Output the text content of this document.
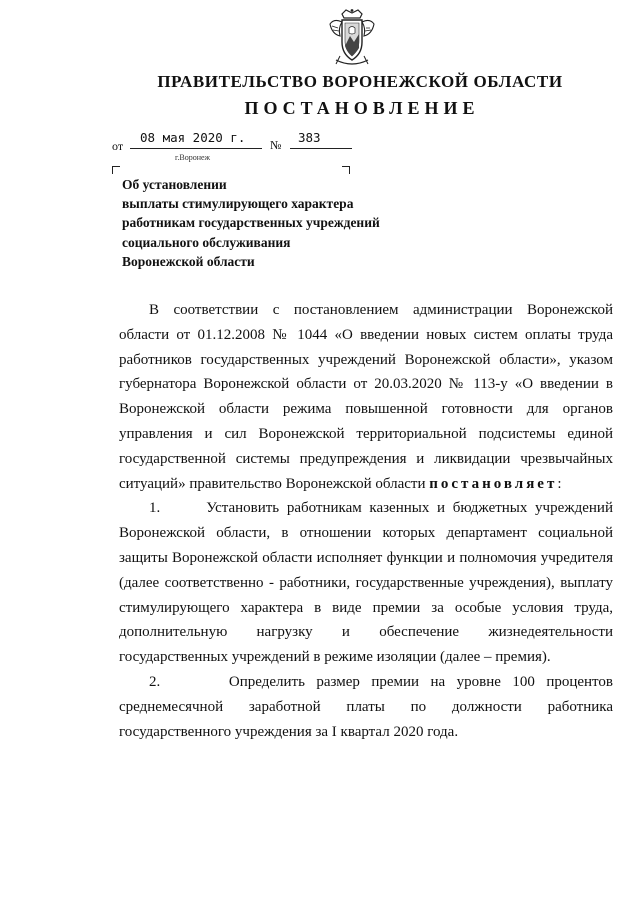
ПРАВИТЕЛЬСТВО ВОРОНЕЖСКОЙ ОБЛАСТИ
ПОСТАНОВЛЕНИЕ
от
08 мая 2020 г. № 383
г.Воронеж
Об установлении
выплаты стимулирующего характера
работникам государственных учреждений
социального обслуживания
Воронежской области

В соответствии с постановлением администрации Воронежской области от 01.12.2008 № 1044 «О введении новых систем оплаты труда работников государственных учреждений Воронежской области», указом губернатора Воронежской области от 20.03.2020 № 113-у «О введении в Воронежской области режима повышенной готовности для органов управления и сил Воронежской территориальной подсистемы единой государственной системы предупреждения и ликвидации чрезвычайных ситуаций» правительство Воронежской области постановляет:

1.      Установить работникам казенных и бюджетных учреждений Воронежской области, в отношении которых департамент социальной защиты Воронежской области исполняет функции и полномочия учредителя (далее соответственно - работники, государственные учреждения), выплату стимулирующего характера в виде премии за особые условия труда, дополнительную нагрузку и обеспечение жизнедеятельности государственных учреждений в режиме изоляции (далее – премия).

2.      Определить размер премии на уровне 100 процентов среднемесячной заработной платы по должности работника государственного учреждения за I квартал 2020 года.
